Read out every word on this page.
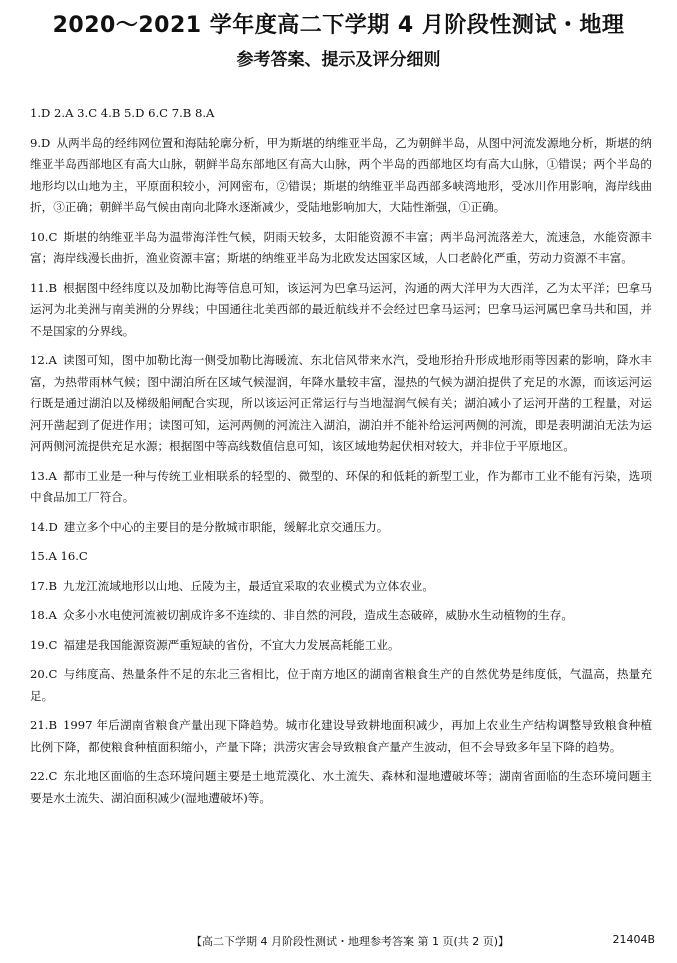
2020～2021 学年度高二下学期 4 月阶段性测试・地理
参考答案、提示及评分细则
1.D 2.A 3.C 4.B 5.D 6.C 7.B 8.A
9.D 从两半岛的经纬网位置和海陆轮廓分析，甲为斯堪的纳维亚半岛，乙为朝鲜半岛，从图中河流发源地分析，斯堪的纳维亚半岛西部地区有高大山脉，朝鲜半岛东部地区有高大山脉，两个半岛的西部地区均有高大山脉，①错误；两个半岛的地形均以山地为主，平原面积较小，河网密布，②错误；斯堪的纳维亚半岛西部多峡湾地形，受冰川作用影响，海岸线曲折，③正确；朝鲜半岛气候由南向北降水逐渐减少，受陆地影响加大，大陆性渐强，①正确。
10.C 斯堪的纳维亚半岛为温带海洋性气候，阴雨天较多，太阳能资源不丰富；两半岛河流落差大，流速急，水能资源丰富；海岸线漫长曲折，渔业资源丰富；斯堪的纳维亚半岛为北欧发达国家区域，人口老龄化严重，劳动力资源不丰富。
11.B 根据图中经纬度以及加勒比海等信息可知，该运河为巴拿马运河，沟通的两大洋甲为大西洋，乙为太平洋；巴拿马运河为北美洲与南美洲的分界线；中国通往北美西部的最近航线并不会经过巴拿马运河；巴拿马运河属巴拿马共和国，并不是国家的分界线。
12.A 读图可知，图中加勒比海一侧受加勒比海暖流、东北信风带来水汽，受地形抬升形成地形雨等因素的影响，降水丰富，为热带雨林气候；图中湖泊所在区域气候湿润，年降水量较丰富，湿热的气候为湖泊提供了充足的水源，而该运河运行既是通过湖泊以及梯级船闸配合实现，所以该运河正常运行与当地湿润气候有关；湖泊减小了运河开凿的工程量，对运河开凿起到了促进作用；读图可知，运河两侧的河流注入湖泊，湖泊并不能补给运河两侧的河流，即是表明湖泊无法为运河两侧河流提供充足水源；根据图中等高线数值信息可知，该区域地势起伏相对较大，并非位于平原地区。
13.A 都市工业是一种与传统工业相联系的轻型的、微型的、环保的和低耗的新型工业，作为都市工业不能有污染，选项中食品加工厂符合。
14.D 建立多个中心的主要目的是分散城市职能，缓解北京交通压力。
15.A 16.C
17.B 九龙江流域地形以山地、丘陵为主，最适宜采取的农业模式为立体农业。
18.A 众多小水电使河流被切割成许多不连续的、非自然的河段，造成生态破碎，威胁水生动植物的生存。
19.C 福建是我国能源资源严重短缺的省份，不宜大力发展高耗能工业。
20.C 与纬度高、热量条件不足的东北三省相比，位于南方地区的湖南省粮食生产的自然优势是纬度低，气温高，热量充足。
21.B 1997 年后湖南省粮食产量出现下降趋势。城市化建设导致耕地面积减少，再加上农业生产结构调整导致粮食种植比例下降，都使粮食种植面积缩小，产量下降；洪涝灾害会导致粮食产量产生波动，但不会导致多年呈下降的趋势。
22.C 东北地区面临的生态环境问题主要是土地荒漠化、水土流失、森林和湿地遭破坏等；湖南省面临的生态环境问题主要是水土流失、湖泊面积减少(湿地遭破坏)等。
【高二下学期 4 月阶段性测试・地理参考答案 第 1 页(共 2 页)】	21404B
